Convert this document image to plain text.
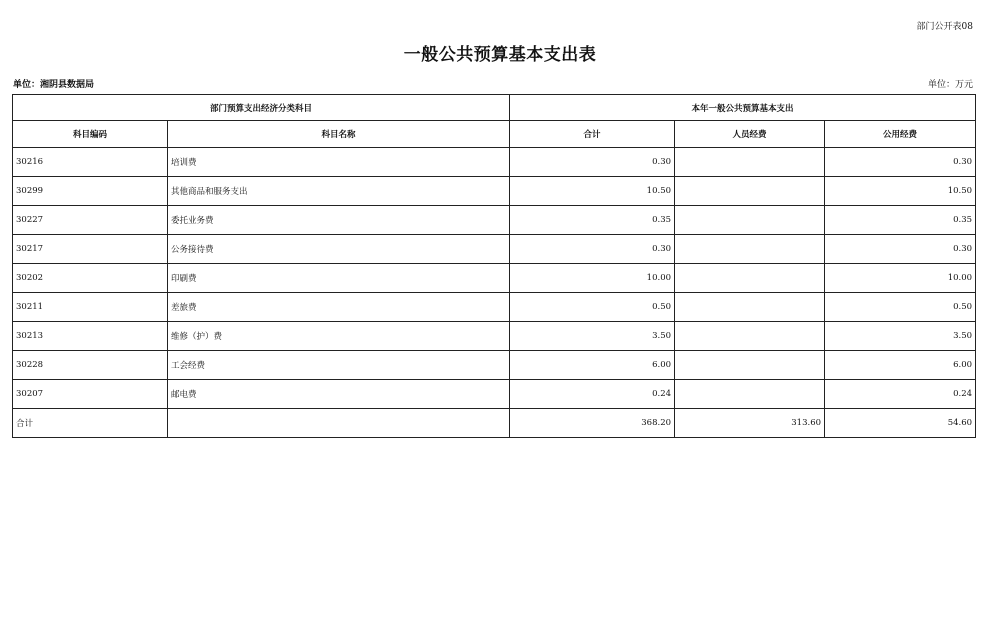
部门公开表08
一般公共预算基本支出表
单位：湘阴县数据局	单位：万元
部门预算支出经济分类科目		本年一般公共预算基本支出		
科目编码	科目名称	合计	人员经费	公用经费
30216	培训费	0.30		0.30
30299	其他商品和服务支出	10.50		10.50
30227	委托业务费	0.35		0.35
30217	公务接待费	0.30		0.30
30202	印刷费	10.00		10.00
30211	差旅费	0.50		0.50
30213	维修（护）费	3.50		3.50
30228	工会经费	6.00		6.00
30207	邮电费	0.24		0.24
合计		368.20	313.60	54.60
